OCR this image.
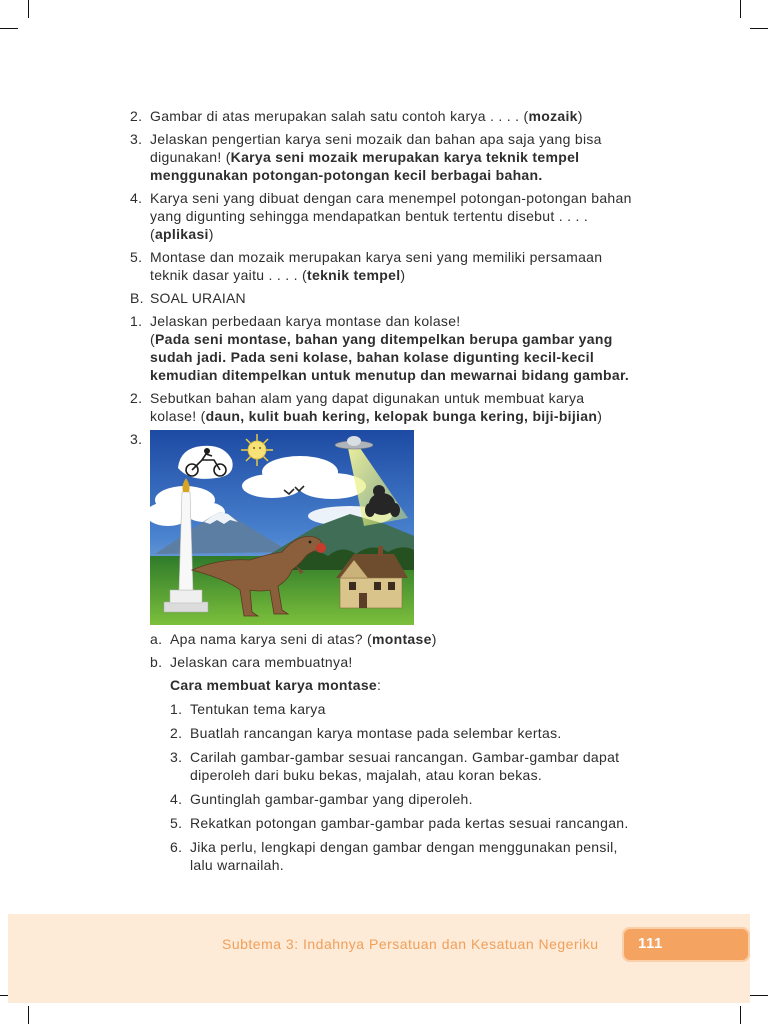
2. Gambar di atas merupakan salah satu contoh karya . . . . (mozaik)
3. Jelaskan pengertian karya seni mozaik dan bahan apa saja yang bisa
digunakan! (Karya seni mozaik merupakan karya teknik tempel
menggunakan potongan-potongan kecil berbagai bahan.
4. Karya seni yang dibuat dengan cara menempel potongan-potongan bahan
yang digunting sehingga mendapatkan bentuk tertentu disebut . . . .
(aplikasi)
5. Montase dan mozaik merupakan karya seni yang memiliki persamaan
teknik dasar yaitu . . . . (teknik tempel)
B. SOAL URAIAN
1. Jelaskan perbedaan karya montase dan kolase!
(Pada seni montase, bahan yang ditempelkan berupa gambar yang
sudah jadi. Pada seni kolase, bahan kolase digunting kecil-kecil
kemudian ditempelkan untuk menutup dan mewarnai bidang gambar.
2. Sebutkan bahan alam yang dapat digunakan untuk membuat karya
kolase! (daun, kulit buah kering, kelopak bunga kering, biji-bijian)
3.
a. Apa nama karya seni di atas? (montase)
b. Jelaskan cara membuatnya!
Cara membuat karya montase:
1. Tentukan tema karya
2. Buatlah rancangan karya montase pada selembar kertas.
3. Carilah gambar-gambar sesuai rancangan. Gambar-gambar dapat
diperoleh dari buku bekas, majalah, atau koran bekas.
4. Guntinglah gambar-gambar yang diperoleh.
5. Rekatkan potongan gambar-gambar pada kertas sesuai rancangan.
6. Jika perlu, lengkapi dengan gambar dengan menggunakan pensil,
lalu warnailah.
Subtema 3: Indahnya Persatuan dan Kesatuan Negeriku	111
